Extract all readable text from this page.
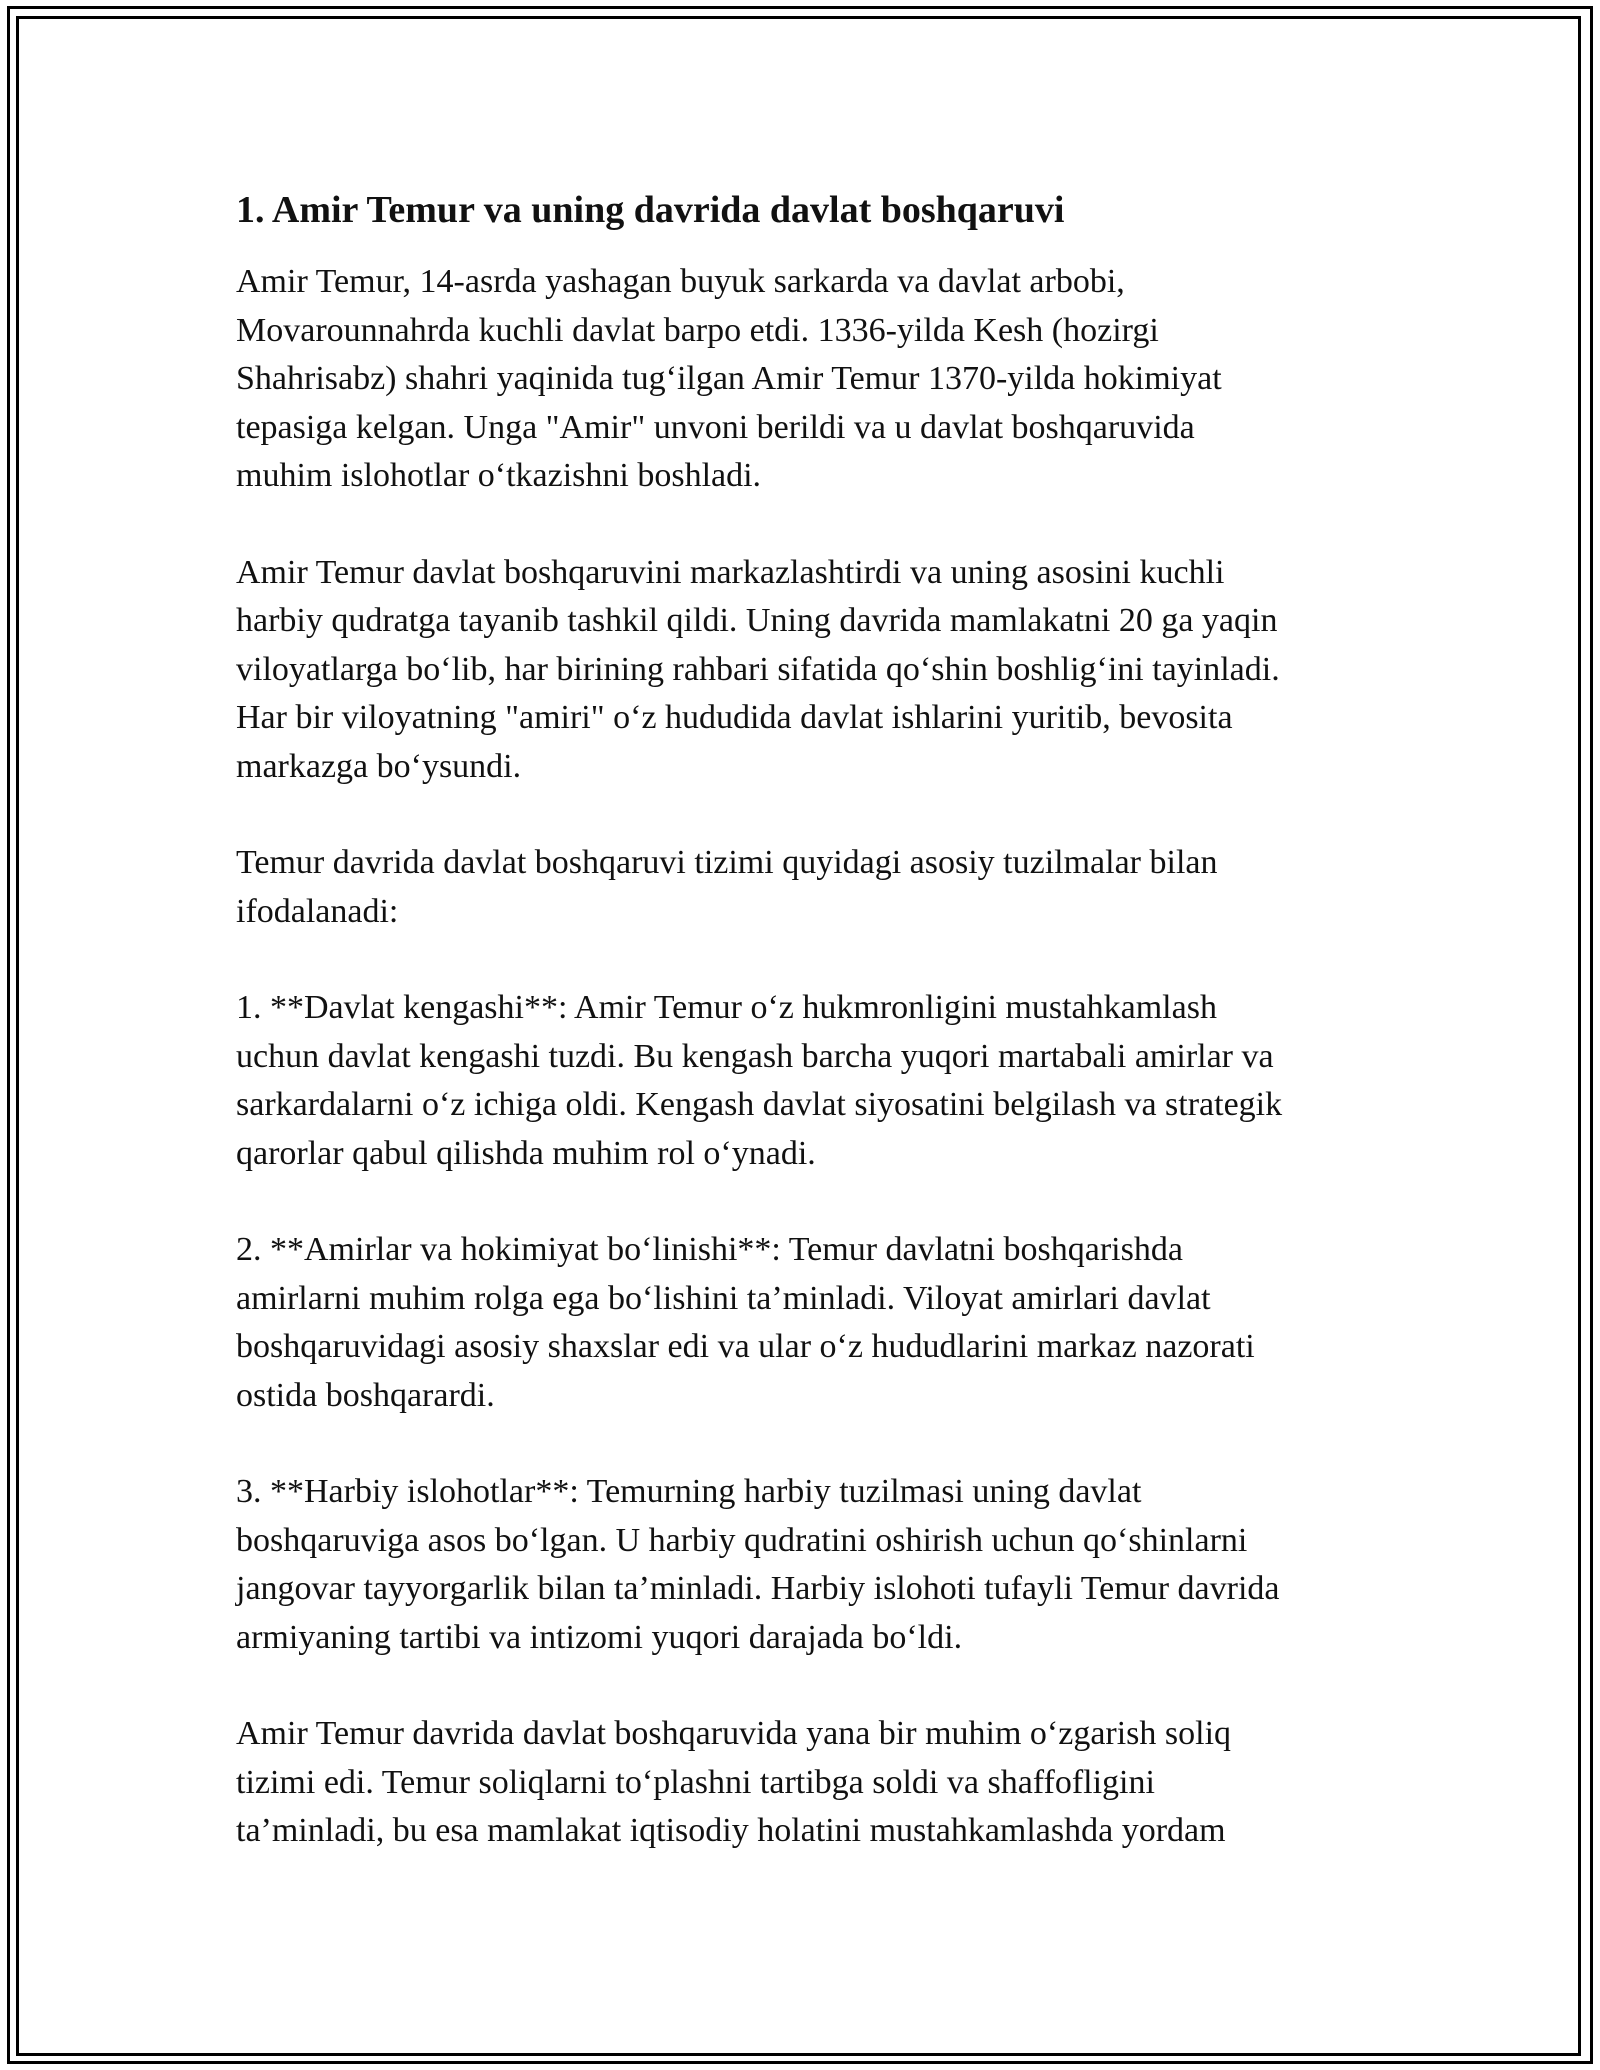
1. Amir Temur va uning davrida davlat boshqaruvi

Amir Temur, 14-asrda yashagan buyuk sarkarda va davlat arbobi,
Movarounnahrda kuchli davlat barpo etdi. 1336-yilda Kesh (hozirgi
Shahrisabz) shahri yaqinida tug‘ilgan Amir Temur 1370-yilda hokimiyat
tepasiga kelgan. Unga "Amir" unvoni berildi va u davlat boshqaruvida
muhim islohotlar o‘tkazishni boshladi.

Amir Temur davlat boshqaruvini markazlashtirdi va uning asosini kuchli
harbiy qudratga tayanib tashkil qildi. Uning davrida mamlakatni 20 ga yaqin
viloyatlarga bo‘lib, har birining rahbari sifatida qo‘shin boshlig‘ini tayinladi.
Har bir viloyatning "amiri" o‘z hududida davlat ishlarini yuritib, bevosita
markazga bo‘ysundi.

Temur davrida davlat boshqaruvi tizimi quyidagi asosiy tuzilmalar bilan
ifodalanadi:

1. **Davlat kengashi**: Amir Temur o‘z hukmronligini mustahkamlash
uchun davlat kengashi tuzdi. Bu kengash barcha yuqori martabali amirlar va
sarkardalarni o‘z ichiga oldi. Kengash davlat siyosatini belgilash va strategik
qarorlar qabul qilishda muhim rol o‘ynadi.

2. **Amirlar va hokimiyat bo‘linishi**: Temur davlatni boshqarishda
amirlarni muhim rolga ega bo‘lishini ta’minladi. Viloyat amirlari davlat
boshqaruvidagi asosiy shaxslar edi va ular o‘z hududlarini markaz nazorati
ostida boshqarardi.

3. **Harbiy islohotlar**: Temurning harbiy tuzilmasi uning davlat
boshqaruviga asos bo‘lgan. U harbiy qudratini oshirish uchun qo‘shinlarni
jangovar tayyorgarlik bilan ta’minladi. Harbiy islohoti tufayli Temur davrida
armiyaning tartibi va intizomi yuqori darajada bo‘ldi.

Amir Temur davrida davlat boshqaruvida yana bir muhim o‘zgarish soliq
tizimi edi. Temur soliqlarni to‘plashni tartibga soldi va shaffofligini
ta’minladi, bu esa mamlakat iqtisodiy holatini mustahkamlashda yordam
